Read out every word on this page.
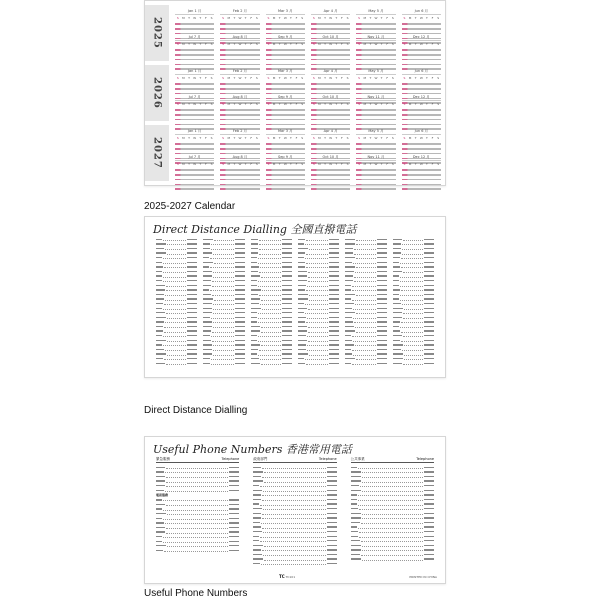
2025
Jan 1 月
S	M	T	W	T	F	S
Feb 2 月
S	M	T	W	T	F	S
Mar 3 月
S	M	T	W	T	F	S
Apr 4 月
S	M	T	W	T	F	S
May 5 月
S	M	T	W	T	F	S
Jun 6 月
S	M	T	W	T	F	S
Jul 7 月
S	M	T	W	T	F	S
Aug 8 月
S	M	T	W	T	F	S
Sep 9 月
S	M	T	W	T	F	S
Oct 10 月
S	M	T	W	T	F	S
Nov 11 月
S	M	T	W	T	F	S
Dec 12 月
S	M	T	W	T	F	S
2026
Jan 1 月
S	M	T	W	T	F	S
Feb 2 月
S	M	T	W	T	F	S
Mar 3 月
S	M	T	W	T	F	S
Apr 4 月
S	M	T	W	T	F	S
May 5 月
S	M	T	W	T	F	S
Jun 6 月
S	M	T	W	T	F	S
Jul 7 月
S	M	T	W	T	F	S
Aug 8 月
S	M	T	W	T	F	S
Sep 9 月
S	M	T	W	T	F	S
Oct 10 月
S	M	T	W	T	F	S
Nov 11 月
S	M	T	W	T	F	S
Dec 12 月
S	M	T	W	T	F	S
2027
Jan 1 月
S	M	T	W	T	F	S
Feb 2 月
S	M	T	W	T	F	S
Mar 3 月
S	M	T	W	T	F	S
Apr 4 月
S	M	T	W	T	F	S
May 5 月
S	M	T	W	T	F	S
Jun 6 月
S	M	T	W	T	F	S
Jul 7 月
S	M	T	W	T	F	S
Aug 8 月
S	M	T	W	T	F	S
Sep 9 月
S	M	T	W	T	F	S
Oct 10 月
S	M	T	W	T	F	S
Nov 11 月
S	M	T	W	T	F	S
Dec 12 月
S	M	T	W	T	F	S
2025-2027 Calendar
Direct Distance Dialling 全國直撥電話
Direct Distance Dialling
Useful Phone Numbers 香港常用電話
緊急服務	Telephone
電訊服務
政府部門	Telephone	公共事業	Telephone
TC TC101	PRINTED IN CHINA
Useful Phone Numbers
